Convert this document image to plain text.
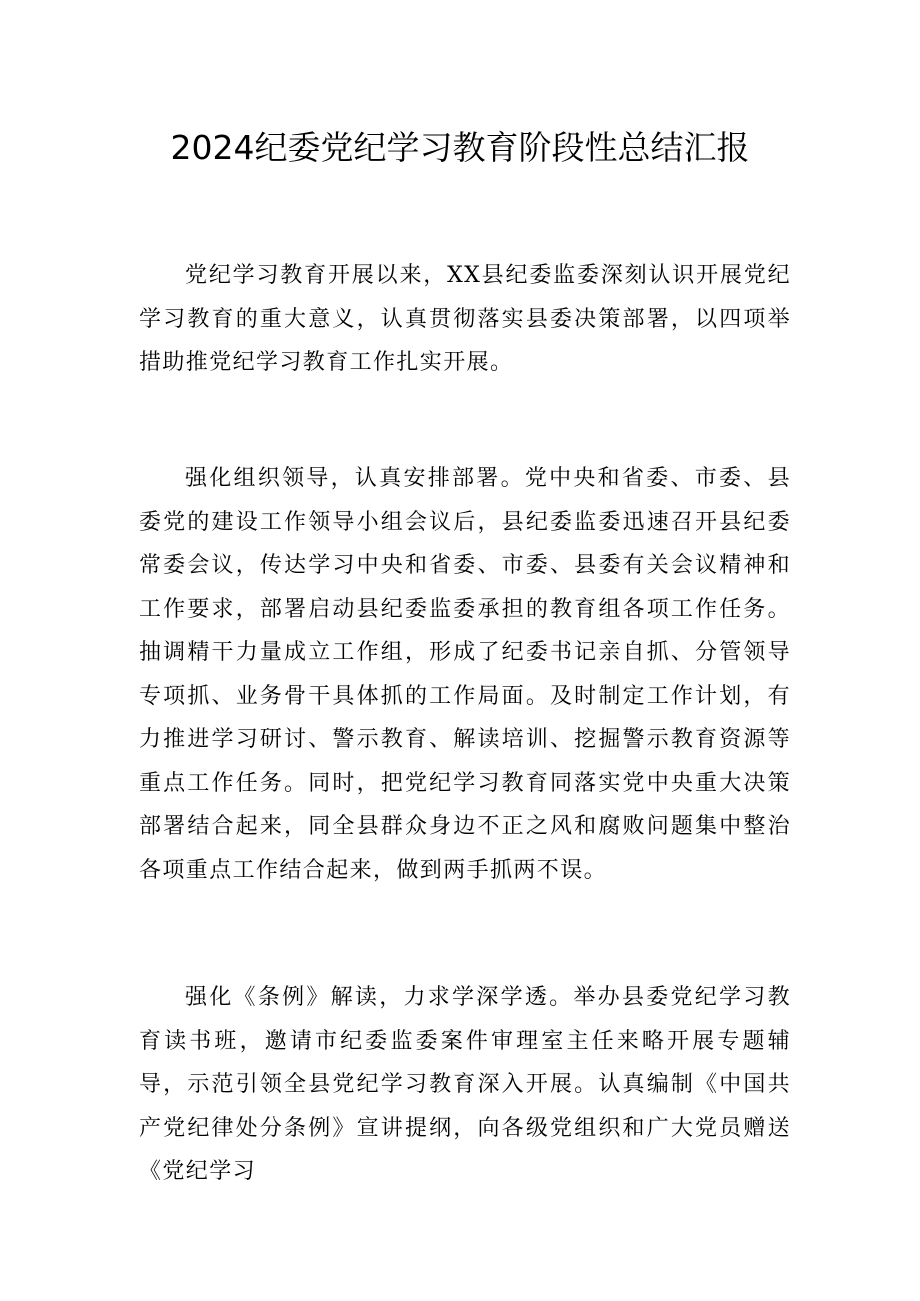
2024纪委党纪学习教育阶段性总结汇报

党纪学习教育开展以来，XX县纪委监委深刻认识开展党纪学习教育的重大意义，认真贯彻落实县委决策部署，以四项举措助推党纪学习教育工作扎实开展。

强化组织领导，认真安排部署。党中央和省委、市委、县委党的建设工作领导小组会议后，县纪委监委迅速召开县纪委常委会议，传达学习中央和省委、市委、县委有关会议精神和工作要求，部署启动县纪委监委承担的教育组各项工作任务。抽调精干力量成立工作组，形成了纪委书记亲自抓、分管领导专项抓、业务骨干具体抓的工作局面。及时制定工作计划，有力推进学习研讨、警示教育、解读培训、挖掘警示教育资源等重点工作任务。同时，把党纪学习教育同落实党中央重大决策部署结合起来，同全县群众身边不正之风和腐败问题集中整治各项重点工作结合起来，做到两手抓两不误。

强化《条例》解读，力求学深学透。举办县委党纪学习教育读书班，邀请市纪委监委案件审理室主任来略开展专题辅导，示范引领全县党纪学习教育深入开展。认真编制《中国共产党纪律处分条例》宣讲提纲，向各级党组织和广大党员赠送《党纪学习
